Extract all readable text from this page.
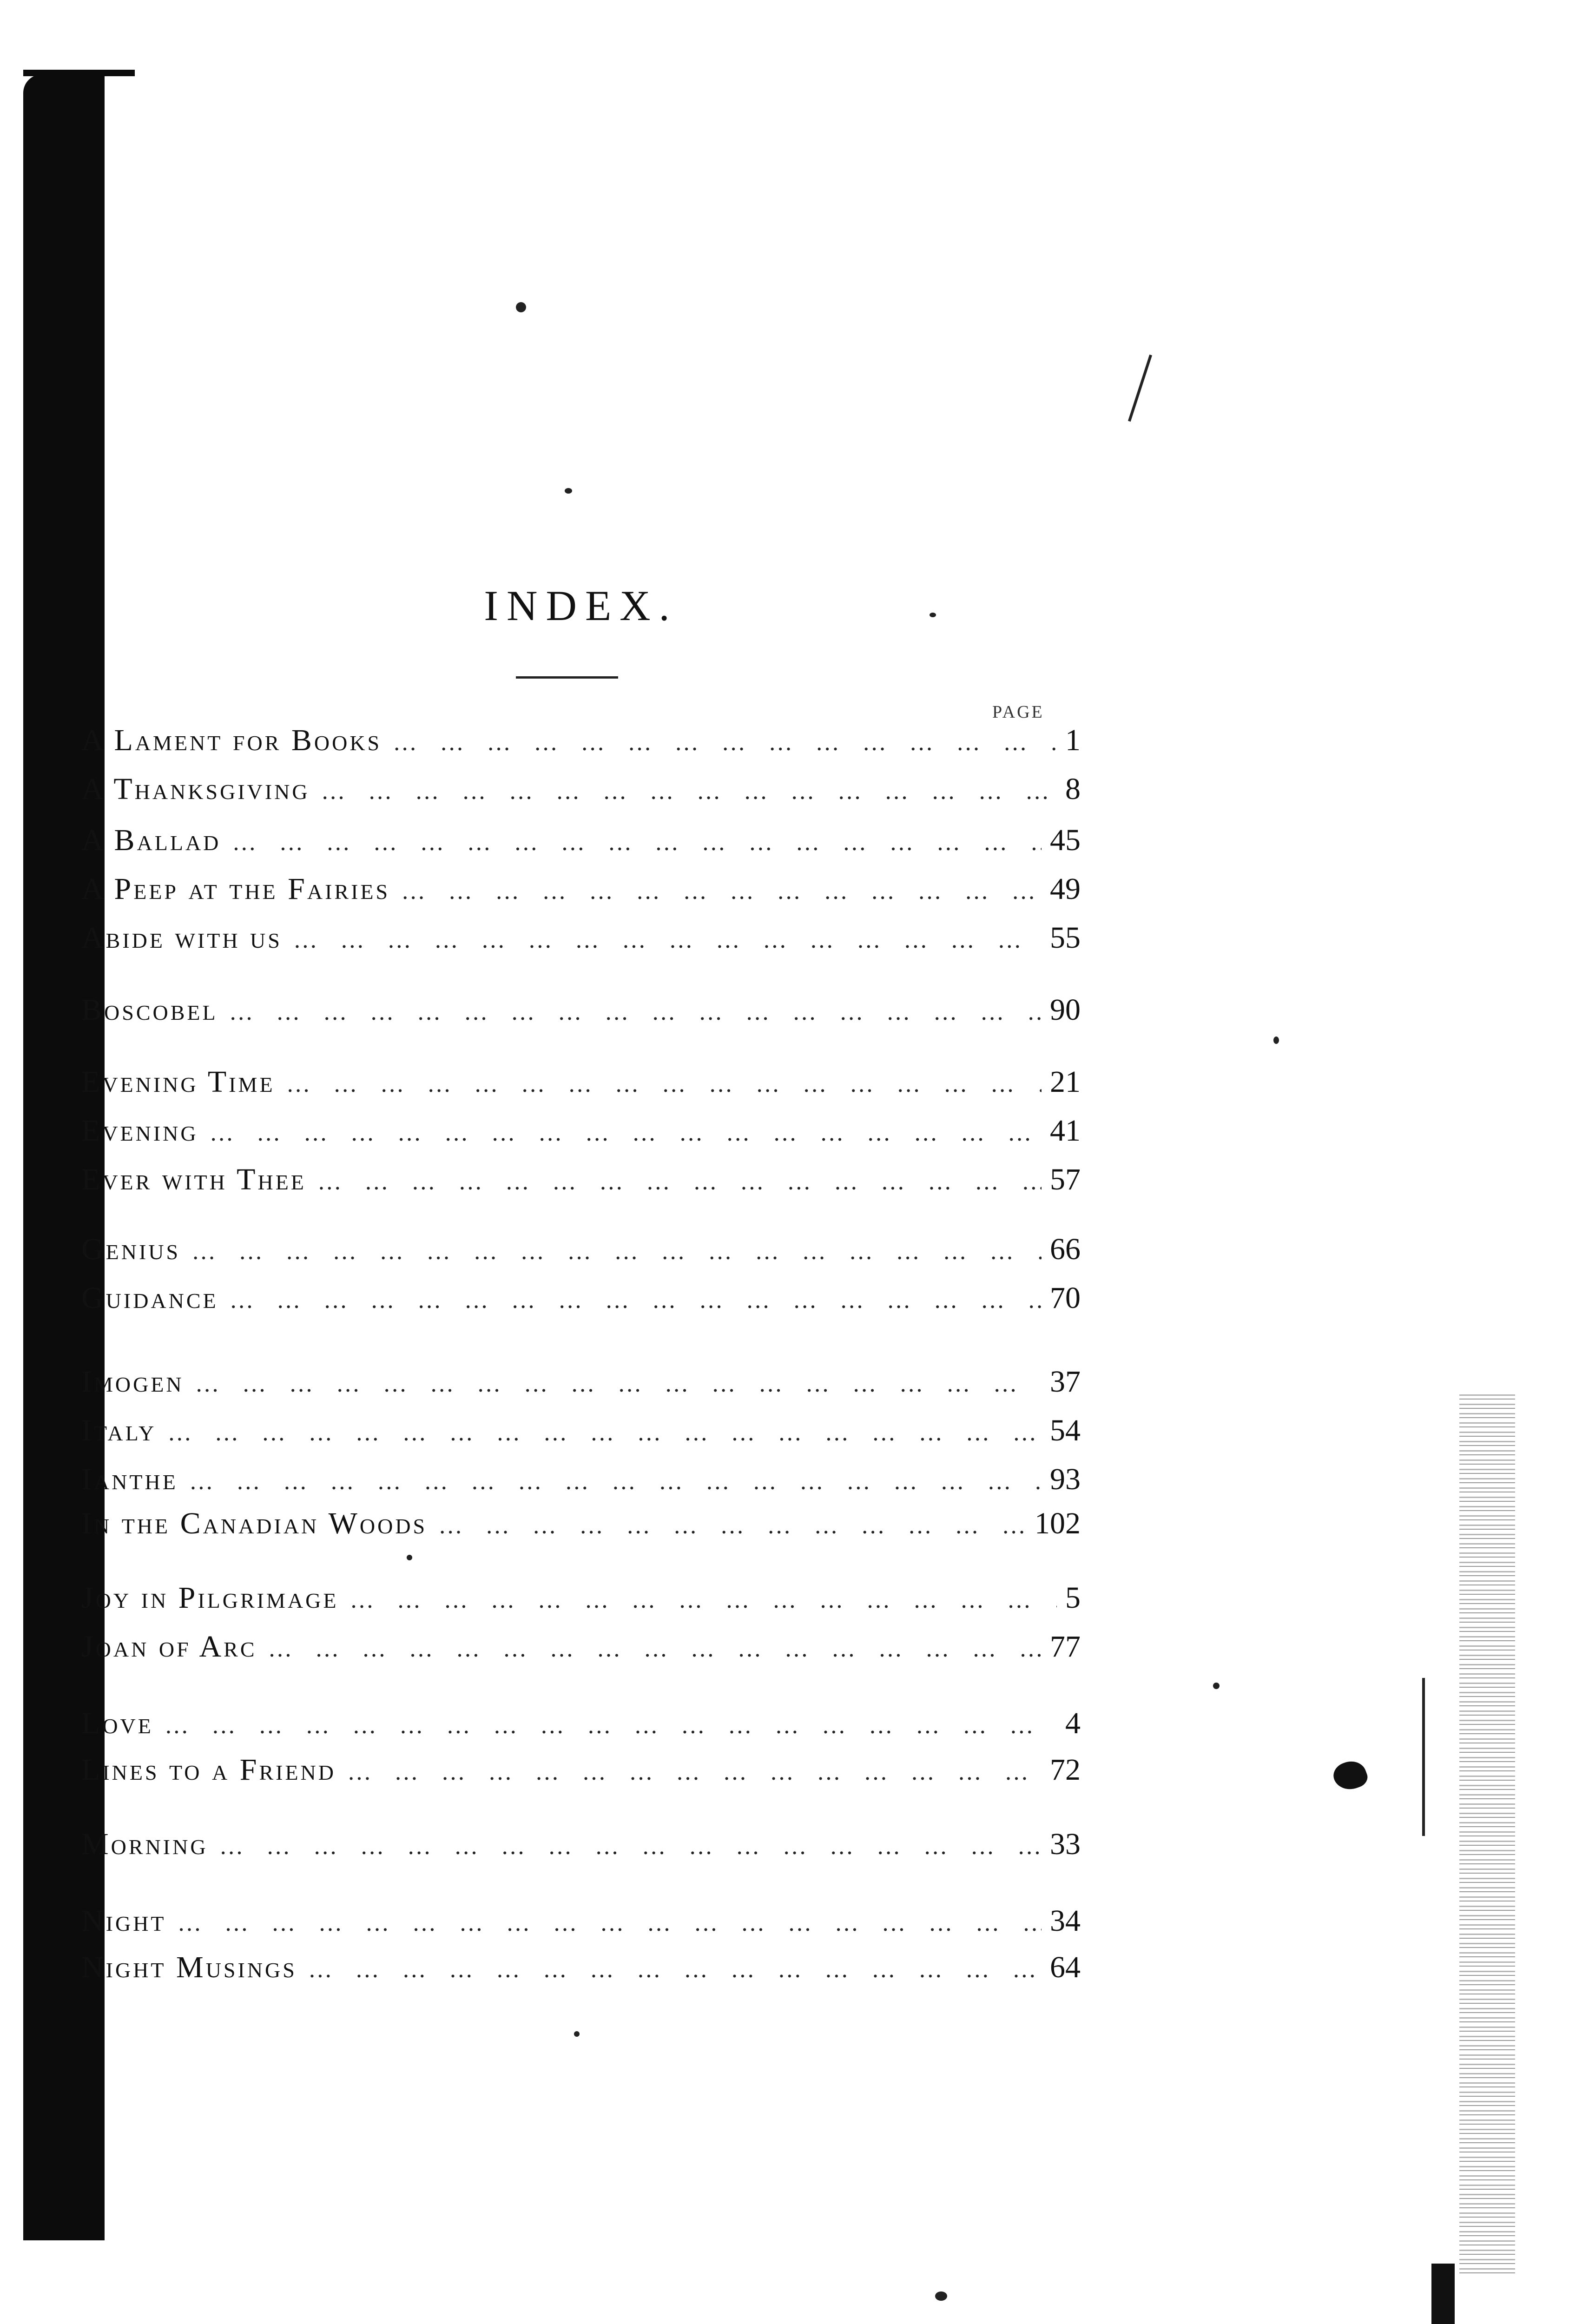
INDEX.
PAGE
A Lament for Books … … … … … … … … … … … … … … … … … … … … … … … … … … … … … … … …	1
A Thanksgiving … … … … … … … … … … … … … … … … … … … … … … … … … … … … … … … …	8
A Ballad … … … … … … … … … … … … … … … … … … … … … … … … … … … … … … … …	45
A Peep at the Fairies … … … … … … … … … … … … … … … … … … … … … … … … … … … … … … … …	49
Abide with us … … … … … … … … … … … … … … … … … … … … … … … … … … … … … … … …	55
Boscobel … … … … … … … … … … … … … … … … … … … … … … … … … … … … … … … …	90
Evening Time … … … … … … … … … … … … … … … … … … … … … … … … … … … … … … … …	21
Evening … … … … … … … … … … … … … … … … … … … … … … … … … … … … … … … …	41
Ever with Thee … … … … … … … … … … … … … … … … … … … … … … … … … … … … … … … …	57
Genius … … … … … … … … … … … … … … … … … … … … … … … … … … … … … … … …	66
Guidance … … … … … … … … … … … … … … … … … … … … … … … … … … … … … … … …	70
Imogen … … … … … … … … … … … … … … … … … … … … … … … … … … … … … … … …	37
Italy … … … … … … … … … … … … … … … … … … … … … … … … … … … … … … … …	54
Ianthe … … … … … … … … … … … … … … … … … … … … … … … … … … … … … … … …	93
In the Canadian Woods … … … … … … … … … … … … … … … … … … … … … … … … … … … … … … … …	102
Joy in Pilgrimage … … … … … … … … … … … … … … … … … … … … … … … … … … … … … … … …	5
Joan of Arc … … … … … … … … … … … … … … … … … … … … … … … … … … … … … … … …	77
Love … … … … … … … … … … … … … … … … … … … … … … … … … … … … … … … …	4
Lines to a Friend … … … … … … … … … … … … … … … … … … … … … … … … … … … … … … … …	72
Morning … … … … … … … … … … … … … … … … … … … … … … … … … … … … … … … …	33
Night … … … … … … … … … … … … … … … … … … … … … … … … … … … … … … … …	34
Night Musings … … … … … … … … … … … … … … … … … … … … … … … … … … … … … … … …	64
